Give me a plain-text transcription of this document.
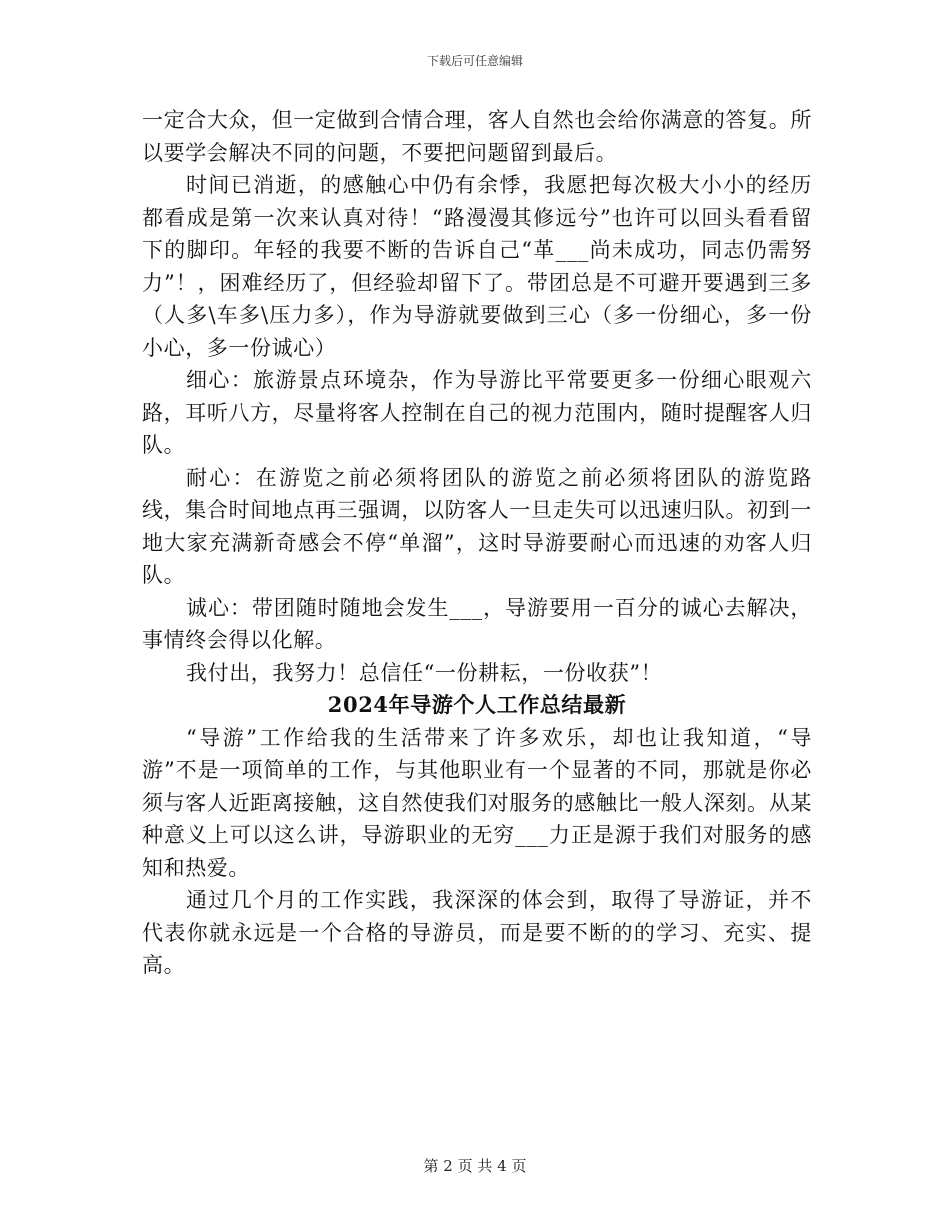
下载后可任意编辑

一定合大众，但一定做到合情合理，客人自然也会给你满意的答复。所以要学会解决不同的问题，不要把问题留到最后。

时间已消逝，的感触心中仍有余悸，我愿把每次极大小小的经历都看成是第一次来认真对待！“路漫漫其修远兮”也许可以回头看看留下的脚印。年轻的我要不断的告诉自己“革___尚未成功，同志仍需努力”！，困难经历了，但经验却留下了。带团总是不可避开要遇到三多（人多\车多\压力多），作为导游就要做到三心（多一份细心，多一份小心，多一份诚心）

细心：旅游景点环境杂，作为导游比平常要更多一份细心眼观六路，耳听八方，尽量将客人控制在自己的视力范围内，随时提醒客人归队。

耐心：在游览之前必须将团队的游览之前必须将团队的游览路线，集合时间地点再三强调，以防客人一旦走失可以迅速归队。初到一地大家充满新奇感会不停“单溜”，这时导游要耐心而迅速的劝客人归队。

诚心：带团随时随地会发生___，导游要用一百分的诚心去解决，事情终会得以化解。

我付出，我努力！总信任“一份耕耘，一份收获”！

2024年导游个人工作总结最新

“导游”工作给我的生活带来了许多欢乐，却也让我知道，“导游”不是一项简单的工作，与其他职业有一个显著的不同，那就是你必须与客人近距离接触，这自然使我们对服务的感触比一般人深刻。从某种意义上可以这么讲，导游职业的无穷___力正是源于我们对服务的感知和热爱。

通过几个月的工作实践，我深深的体会到，取得了导游证，并不代表你就永远是一个合格的导游员，而是要不断的的学习、充实、提高。

第 2 页 共 4 页
